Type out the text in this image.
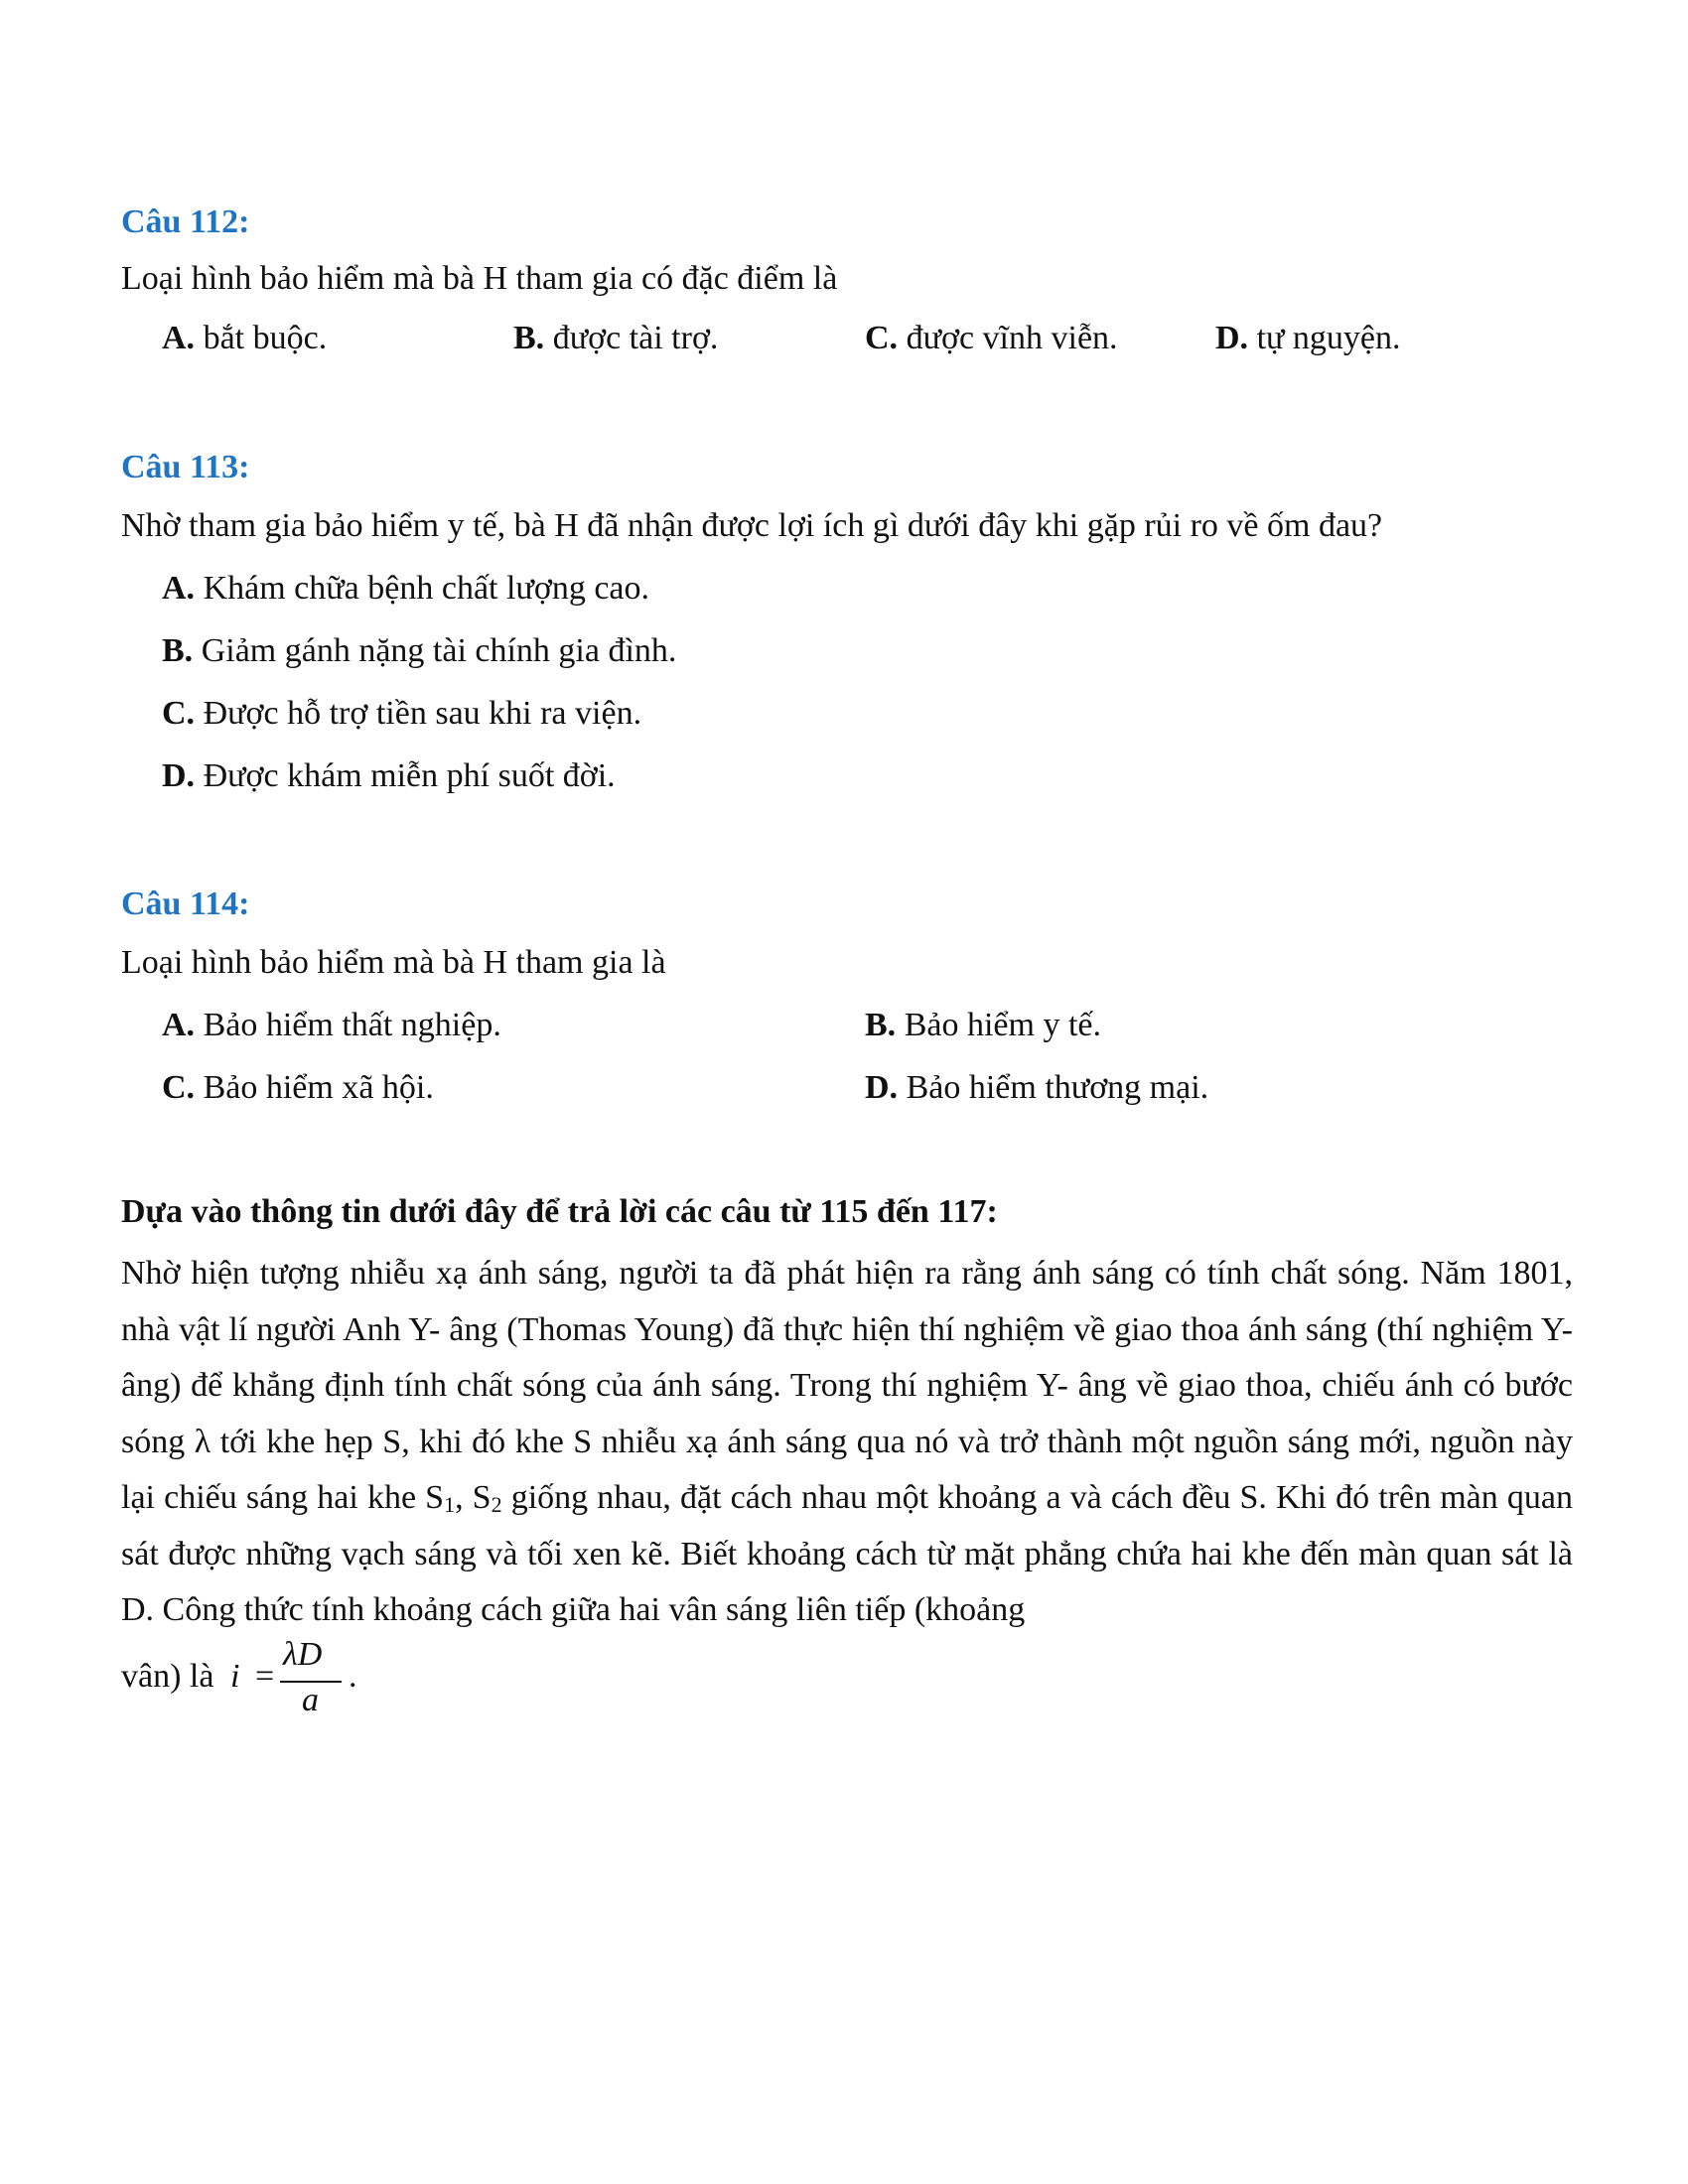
Câu 112:
Loại hình bảo hiểm mà bà H tham gia có đặc điểm là
A. bắt buộc.	B. được tài trợ.	C. được vĩnh viễn.	D. tự nguyện.
Câu 113:
Nhờ tham gia bảo hiểm y tế, bà H đã nhận được lợi ích gì dưới đây khi gặp rủi ro về ốm đau?
A. Khám chữa bệnh chất lượng cao.
B. Giảm gánh nặng tài chính gia đình.
C. Được hỗ trợ tiền sau khi ra viện.
D. Được khám miễn phí suốt đời.
Câu 114:
Loại hình bảo hiểm mà bà H tham gia là
A. Bảo hiểm thất nghiệp.	B. Bảo hiểm y tế.
C. Bảo hiểm xã hội.	D. Bảo hiểm thương mại.
Dựa vào thông tin dưới đây để trả lời các câu từ 115 đến 117:
Nhờ hiện tượng nhiễu xạ ánh sáng, người ta đã phát hiện ra rằng ánh sáng có tính chất sóng. Năm 1801, nhà vật lí người Anh Y- âng (Thomas Young) đã thực hiện thí nghiệm về giao thoa ánh sáng (thí nghiệm Y- âng) để khẳng định tính chất sóng của ánh sáng. Trong thí nghiệm Y- âng về giao thoa, chiếu ánh có bước sóng λ tới khe hẹp S, khi đó khe S nhiễu xạ ánh sáng qua nó và trở thành một nguồn sáng mới, nguồn này lại chiếu sáng hai khe $S_1$, $S_2$ giống nhau, đặt cách nhau một khoảng a và cách đều S. Khi đó trên màn quan sát được những vạch sáng và tối xen kẽ. Biết khoảng cách từ mặt phẳng chứa hai khe đến màn quan sát là D. Công thức tính khoảng cách giữa hai vân sáng liên tiếp (khoảng
vân) là i =
λD
a
.
